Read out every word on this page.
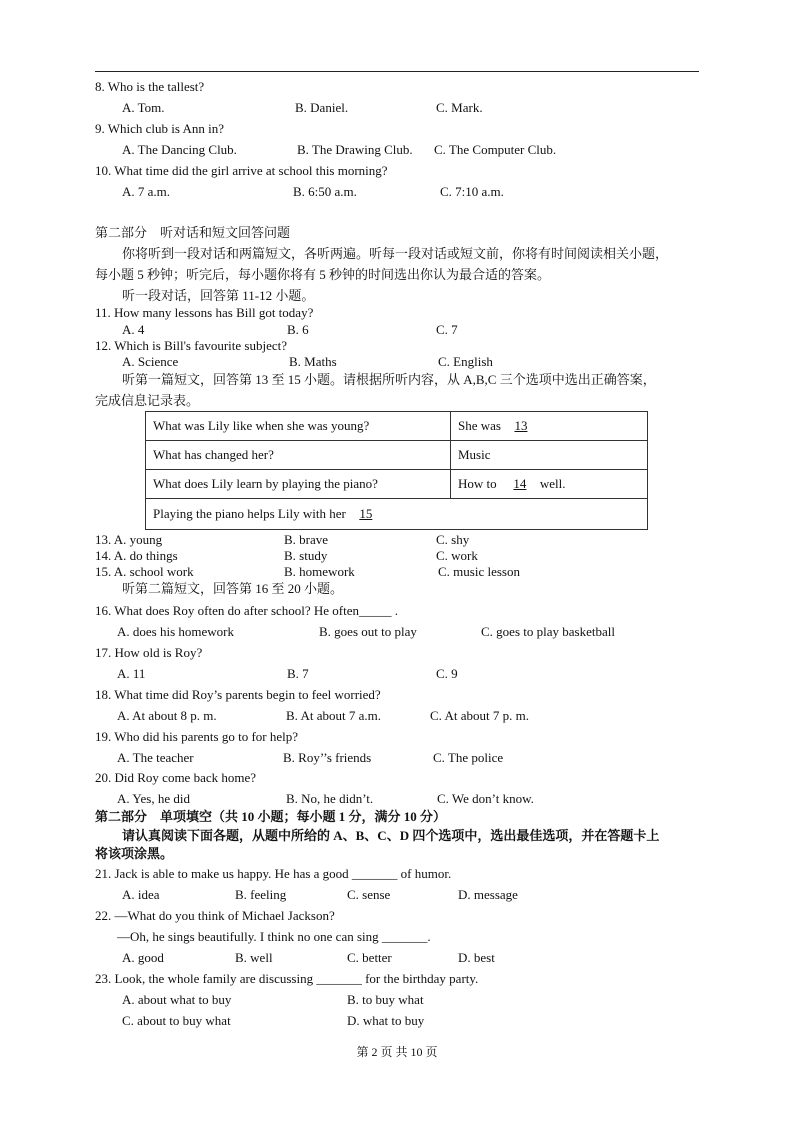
8. Who is the tallest?
A. Tom.	B. Daniel.	C. Mark.
9. Which club is Ann in?
A. The Dancing Club.	B. The Drawing Club. C. The Computer Club.
10. What time did the girl arrive at school this morning?
A. 7 a.m.	B. 6:50 a.m.	C. 7:10 a.m.
第二部分　听对话和短文回答问题
你将听到一段对话和两篇短文，各听两遍。听每一段对话或短文前，你将有时间阅读相关小题，
每小题 5 秒钟；听完后，每小题你将有 5 秒钟的时间选出你认为最合适的答案。
听一段对话，回答第 11-12 小题。
11. How many lessons has Bill got today?
A. 4	B. 6	C. 7
12. Which is Bill's favourite subject?
A. Science	B. Maths	C. English
听第一篇短文，回答第 13 至 15 小题。请根据所听内容，从 A,B,C 三个选项中选出正确答案，
完成信息记录表。
What was Lily like when she was young?	She was 13
What has changed her?	Music
What does Lily learn by playing the piano?	How to 14 well.
Playing the piano helps Lily with her 15	
13. A. young	B. brave	C. shy
14. A. do things	B. study	C. work
15. A. school work	B. homework	C. music lesson
听第二篇短文，回答第 16 至 20 小题。
16. What does Roy often do after school? He often_____ .
A. does his homework	B. goes out to play	C. goes to play basketball
17. How old is Roy?
A. 11	B. 7	C. 9
18. What time did Roy’s parents begin to feel worried?
A. At about 8 p. m.	B. At about 7 a.m.	C. At about 7 p. m.
19. Who did his parents go to for help?
A. The teacher	B. Roy’’s friends	C. The police
20. Did Roy come back home?
A. Yes, he did	B. No, he didn’t.	C. We don’t know.
第二部分　单项填空（共 10 小题；每小题 1 分，满分 10 分）
请认真阅读下面各题，从题中所给的 A、B、C、D 四个选项中，选出最佳选项，并在答题卡上
将该项涂黑。
21. Jack is able to make us happy. He has a good _______ of humor.
A. idea	B. feeling	C. sense	D. message
22. —What do you think of Michael Jackson?
—Oh, he sings beautifully. I think no one can sing _______.
A. good	B. well	C. better	D. best
23. Look, the whole family are discussing _______ for the birthday party.
A. about what to buy	B. to buy what
C. about to buy what	D. what to buy
第 2 页 共 10 页
